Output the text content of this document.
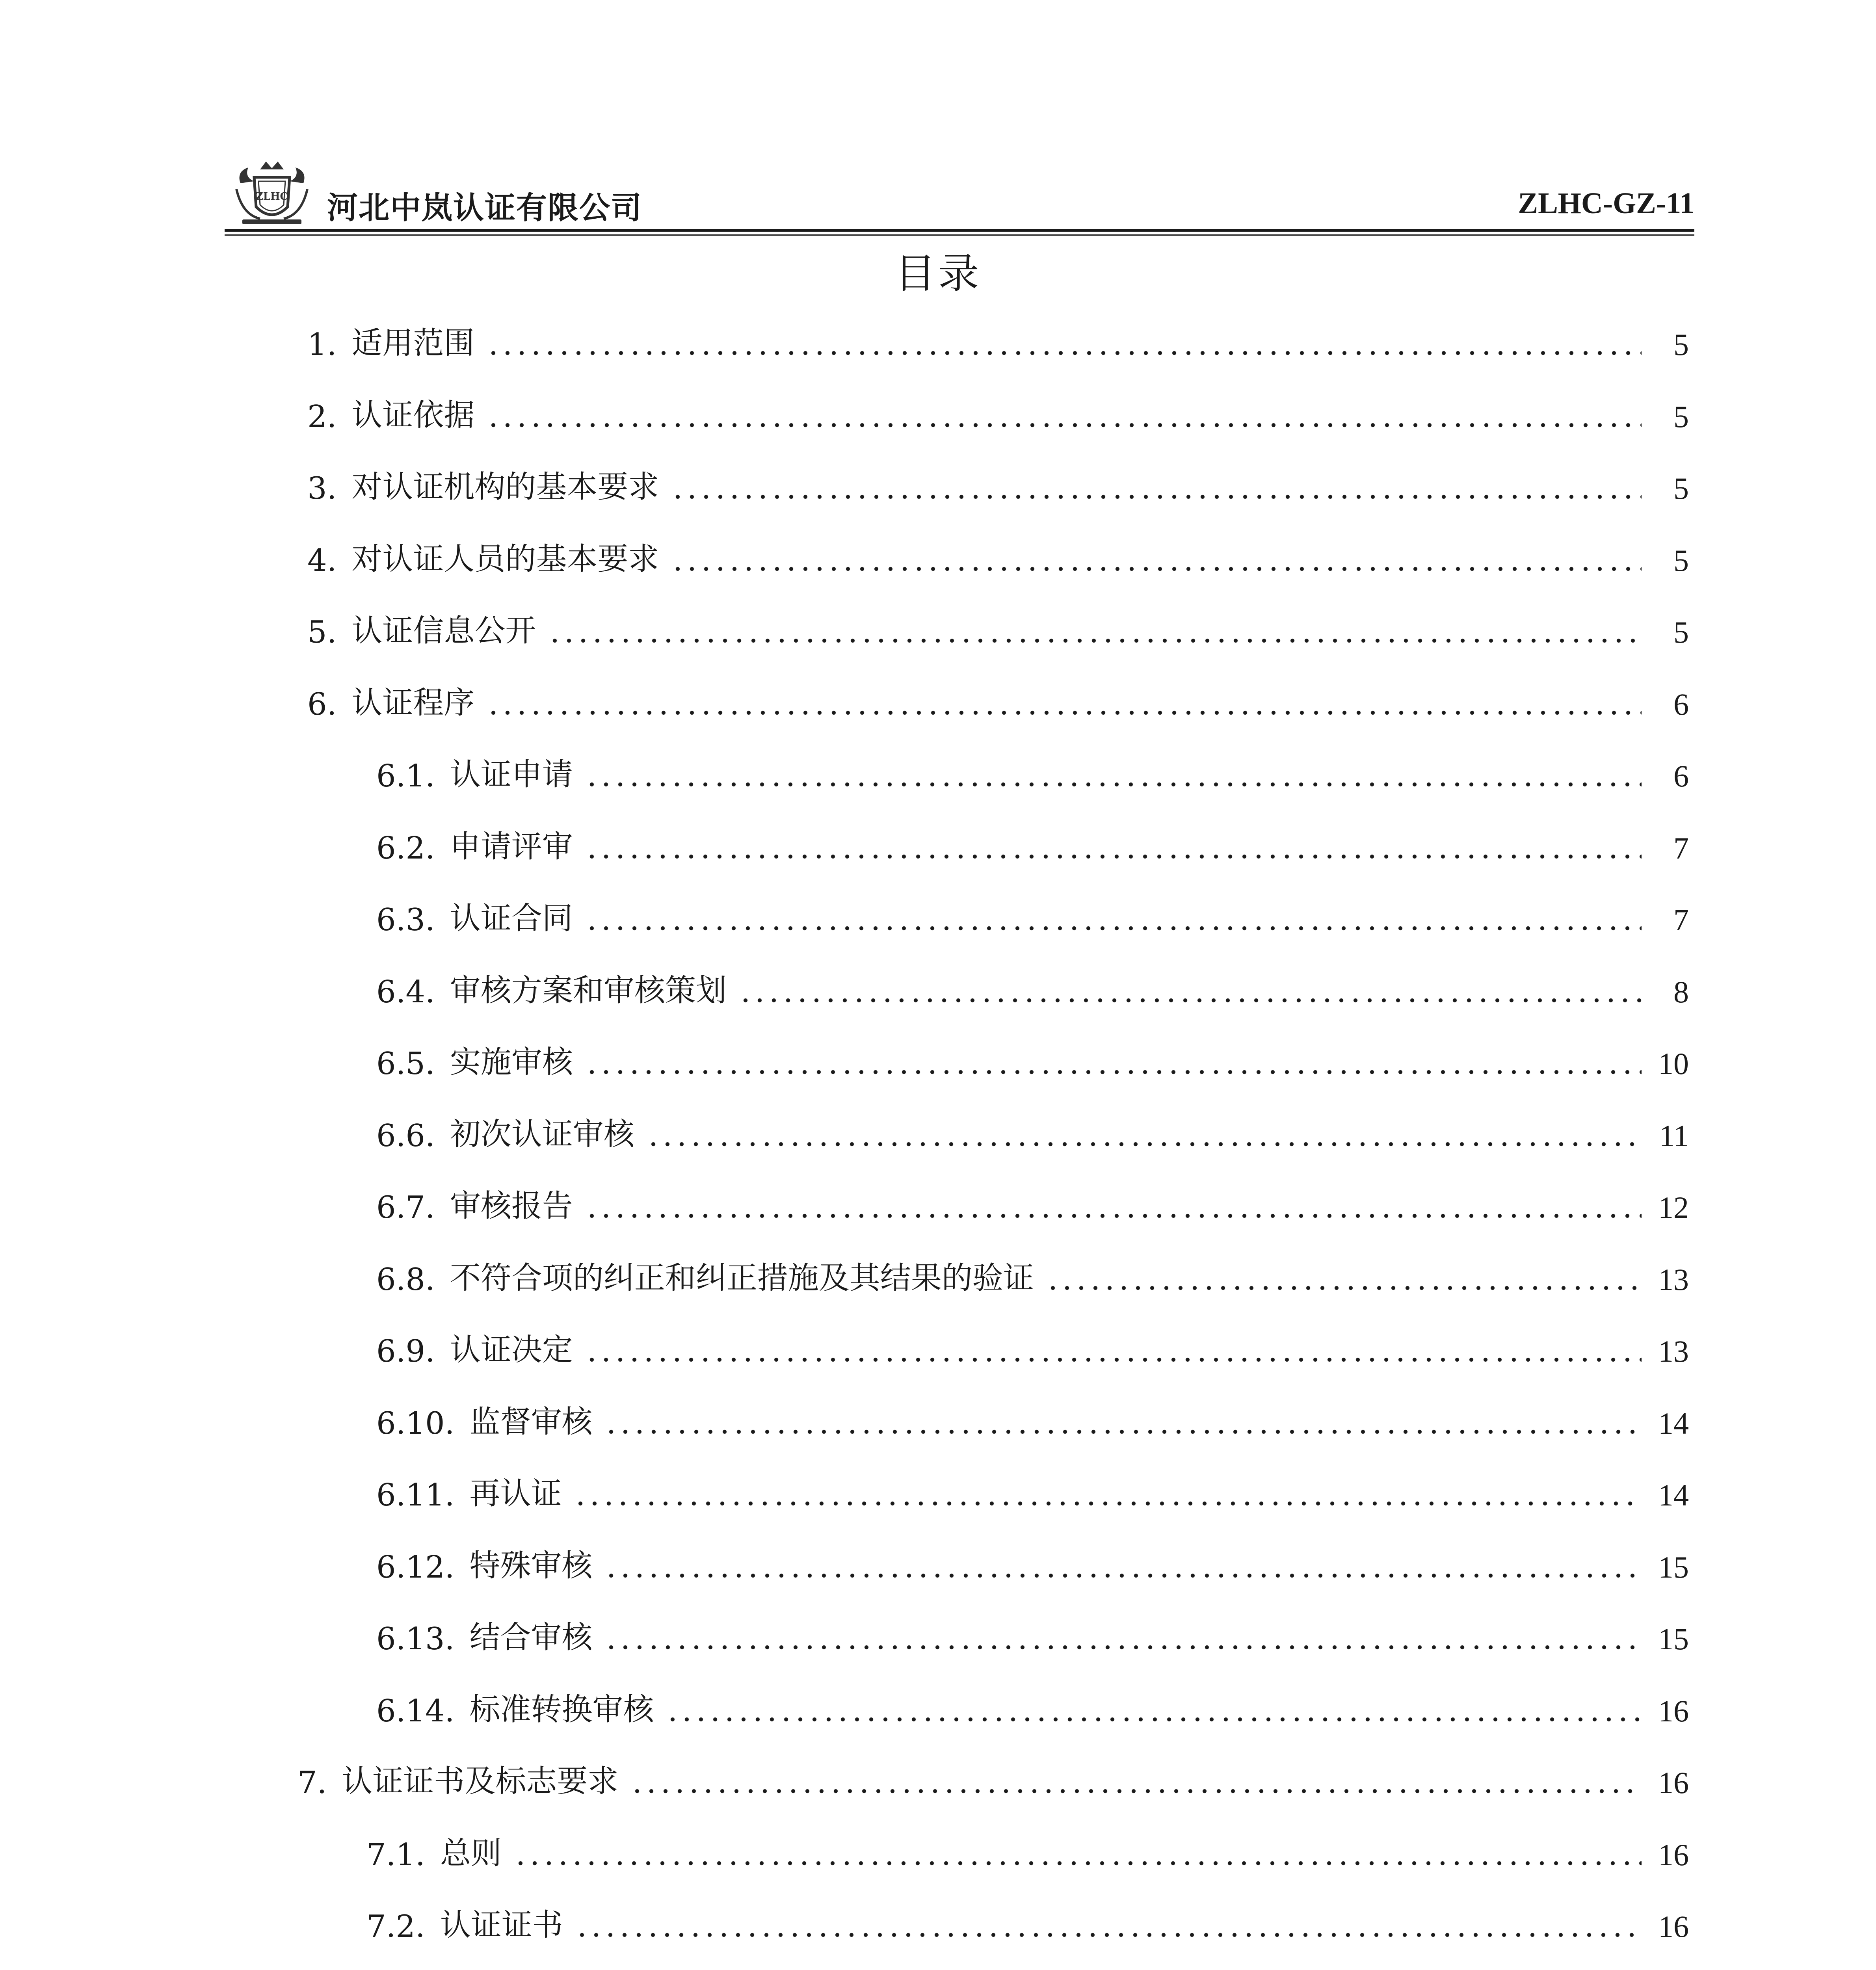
ZLHC 河北中岚认证有限公司	ZLHC-GZ-11
目录
1. 适用范围	5
2. 认证依据	5
3. 对认证机构的基本要求	5
4. 对认证人员的基本要求	5
5. 认证信息公开	5
6. 认证程序	6
6.1. 认证申请	6
6.2. 申请评审	7
6.3. 认证合同	7
6.4. 审核方案和审核策划	8
6.5. 实施审核	10
6.6. 初次认证审核	11
6.7. 审核报告	12
6.8. 不符合项的纠正和纠正措施及其结果的验证	13
6.9. 认证决定	13
6.10. 监督审核	14
6.11. 再认证	14
6.12. 特殊审核	15
6.13. 结合审核	15
6.14. 标准转换审核	16
7. 认证证书及标志要求	16
7.1. 总则	16
7.2. 认证证书	16
